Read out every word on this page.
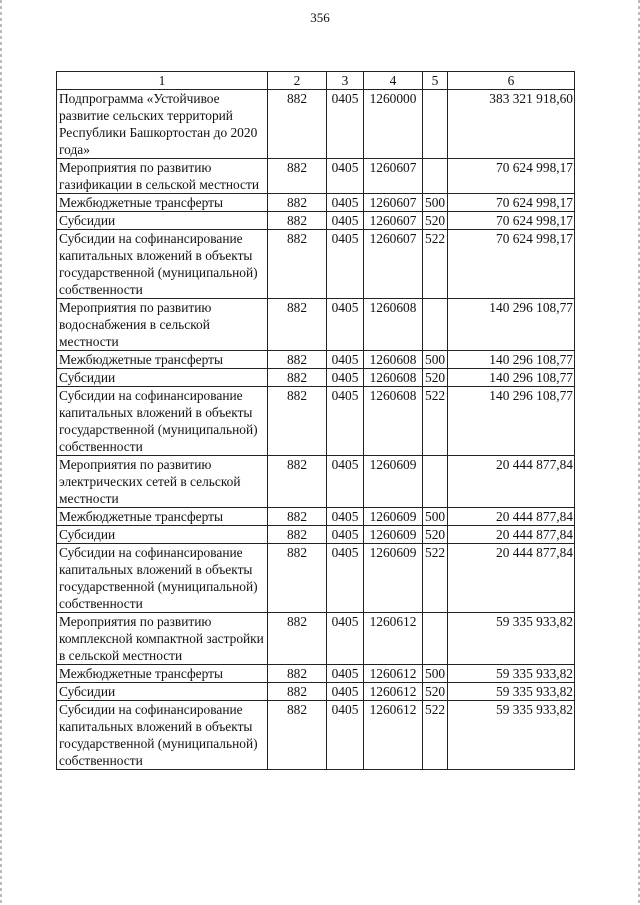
356
1	2	3	4	5	6
Подпрограмма «Устойчивое развитие сельских территорий Республики Башкортостан до 2020 года»	882	0405	1260000		383 321 918,60
Мероприятия по развитию газификации в сельской местности	882	0405	1260607		70 624 998,17
Межбюджетные трансферты	882	0405	1260607	500	70 624 998,17
Субсидии	882	0405	1260607	520	70 624 998,17
Субсидии на софинансирование капитальных вложений в объекты государственной (муниципальной) собственности	882	0405	1260607	522	70 624 998,17
Мероприятия по развитию водоснабжения в сельской местности	882	0405	1260608		140 296 108,77
Межбюджетные трансферты	882	0405	1260608	500	140 296 108,77
Субсидии	882	0405	1260608	520	140 296 108,77
Субсидии на софинансирование капитальных вложений в объекты государственной (муниципальной) собственности	882	0405	1260608	522	140 296 108,77
Мероприятия по развитию электрических сетей в сельской местности	882	0405	1260609		20 444 877,84
Межбюджетные трансферты	882	0405	1260609	500	20 444 877,84
Субсидии	882	0405	1260609	520	20 444 877,84
Субсидии на софинансирование капитальных вложений в объекты государственной (муниципальной) собственности	882	0405	1260609	522	20 444 877,84
Мероприятия по развитию комплексной компактной застройки в сельской местности	882	0405	1260612		59 335 933,82
Межбюджетные трансферты	882	0405	1260612	500	59 335 933,82
Субсидии	882	0405	1260612	520	59 335 933,82
Субсидии на софинансирование капитальных вложений в объекты государственной (муниципальной) собственности	882	0405	1260612	522	59 335 933,82
